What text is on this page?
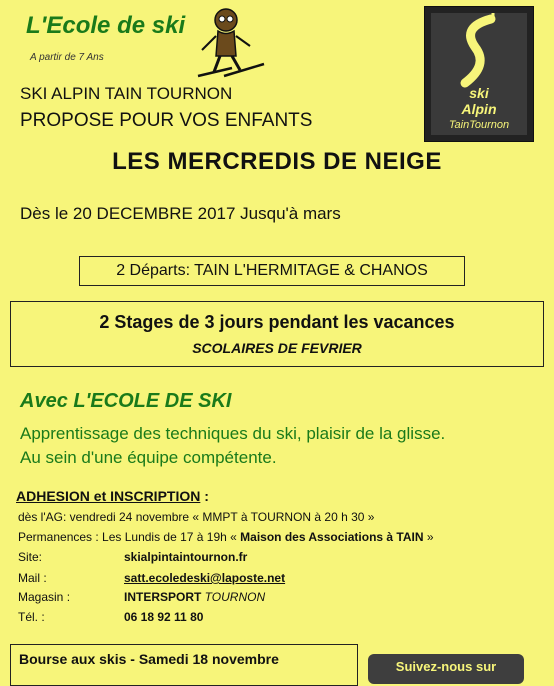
L'Ecole de ski
A partir de 7 Ans
SKI ALPIN TAIN TOURNON
PROPOSE POUR VOS ENFANTS
ski
Alpin
TainTournon
LES MERCREDIS DE NEIGE
Dès le 20 DECEMBRE 2017 Jusqu'à mars
2 Départs: TAIN L'HERMITAGE & CHANOS
2 Stages de 3 jours pendant les vacances
SCOLAIRES DE FEVRIER
Avec L'ECOLE DE SKI
Apprentissage des techniques du ski, plaisir de la glisse.
Au sein d'une équipe compétente.
ADHESION et INSCRIPTION :
dès l'AG: vendredi 24 novembre « MMPT à TOURNON à 20 h 30 »
Permanences : Les Lundis de 17 à 19h « Maison des Associations à TAIN »
Site:	skialpintaintournon.fr
Mail :	satt.ecoledeski@laposte.net
Magasin :	INTERSPORT TOURNON
Tél. :	06 18 92 11 80
Bourse aux skis - Samedi 18 novembre	Suivez-nous sur
